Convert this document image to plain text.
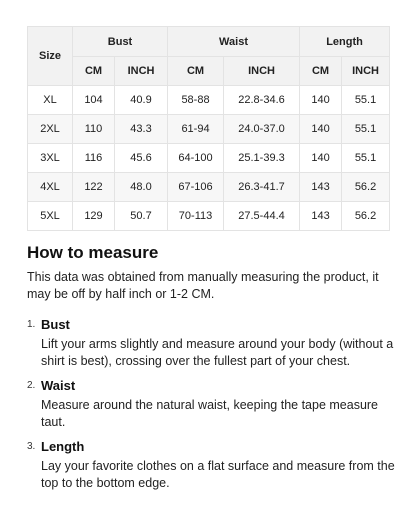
Size	Bust		Waist		Length	
	CM	INCH	CM	INCH	CM	INCH
XL	104	40.9	58-88	22.8-34.6	140	55.1
2XL	110	43.3	61-94	24.0-37.0	140	55.1
3XL	116	45.6	64-100	25.1-39.3	140	55.1
4XL	122	48.0	67-106	26.3-41.7	143	56.2
5XL	129	50.7	70-113	27.5-44.4	143	56.2
How to measure

This data was obtained from manually measuring the product, it may be off by half inch or 1-2 CM.

1. Bust
Lift your arms slightly and measure around your body (without a shirt is best), crossing over the fullest part of your chest.
2. Waist
Measure around the natural waist, keeping the tape measure taut.
3. Length
Lay your favorite clothes on a flat surface and measure from the top to the bottom edge.
